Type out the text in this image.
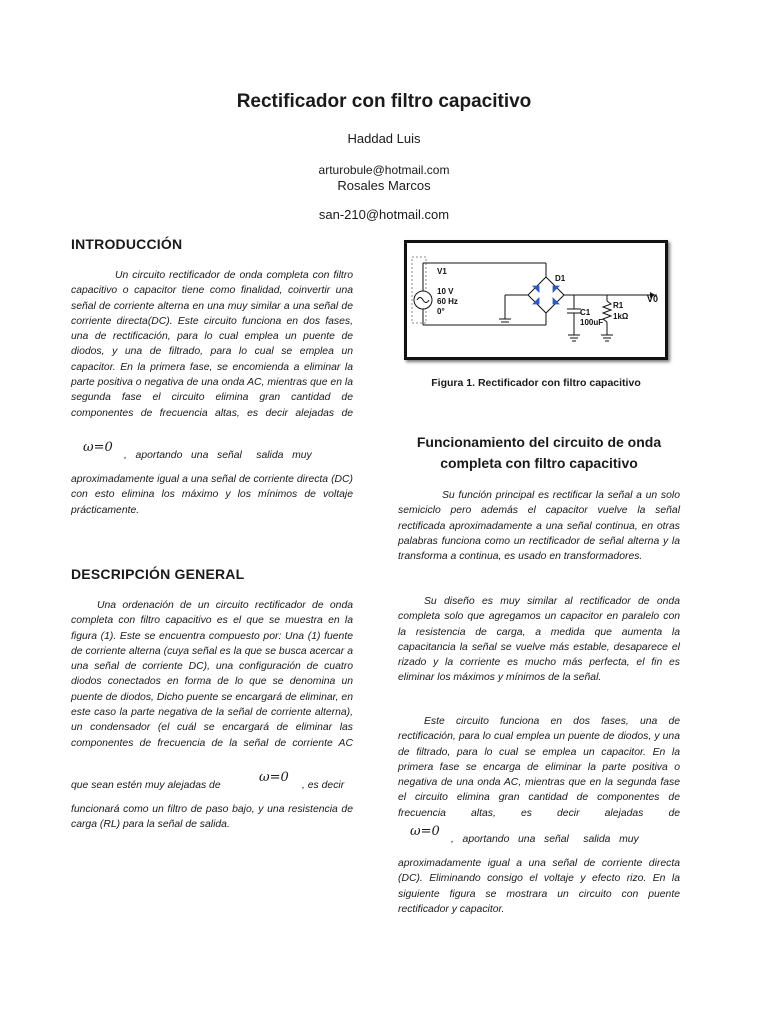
Rectificador con filtro capacitivo
Haddad Luis
arturobule@hotmail.com
Rosales Marcos
san-210@hotmail.com
INTRODUCCIÓN

Un circuito rectificador de onda completa con filtro capacitivo o capacitor tiene como finalidad, coinvertir una señal de corriente alterna en una muy similar a una señal de corriente directa(DC). Este circuito funciona en dos fases, una de rectificación, para lo cual emplea un puente de diodos, y una de filtrado, para lo cual se emplea un capacitor. En la primera fase, se encomienda a eliminar la parte positiva o negativa de una onda AC, mientras que en la segunda fase el circuito elimina gran cantidad de componentes de frecuencia altas, es decir alejadas de

ω=0
,   aportando   una   señal     salida   muy

aproximadamente igual a una señal de corriente directa (DC) con esto elimina los máximo y los mínimos de voltaje prácticamente.

DESCRIPCIÓN GENERAL

Una ordenación de un circuito rectificador de onda completa con filtro capacitivo es el que se muestra en la figura (1). Este se encuentra compuesto por: Una (1) fuente de corriente alterna (cuya señal es la que se busca acercar a una señal de corriente DC), una configuración de cuatro diodos conectados en forma de lo que se denomina un puente de diodos, Dicho puente se encargará de eliminar, en este caso la parte negativa de la señal de corriente alterna), un condensador (el cuál se encargará de eliminar las componentes de frecuencia de la señal de corriente AC

que sean estén muy alejadas de
ω=0
, es decir

funcionará como un filtro de paso bajo, y una resistencia de carga (RL) para la señal de salida.

V1
10 V
60 Hz
0°
D1
C1
100uF
R1
1kΩ
V0
Figura 1. Rectificador con filtro capacitivo
Funcionamiento del circuito de onda
completa con filtro capacitivo

Su función principal es rectificar la señal a un solo semiciclo pero además el capacitor vuelve la señal rectificada aproximadamente a una señal continua, en otras palabras funciona como un rectificador de señal alterna y la transforma a continua, es usado en transformadores.

Su diseño es muy similar al rectificador de onda completa solo que agregamos un capacitor en paralelo con la resistencia de carga, a medida que aumenta la capacitancia la señal se vuelve más estable, desaparece el rizado y la corriente es mucho más perfecta, el fin es eliminar los máximos y mínimos de la señal.

Este circuito funciona en dos fases, una de rectificación, para lo cual emplea un puente de diodos, y una de filtrado, para lo cual se emplea un capacitor. En la primera fase se encarga de eliminar la parte positiva o negativa de una onda AC, mientras que en la segunda fase el circuito elimina gran cantidad de componentes de frecuencia altas, es decir alejadas de

ω=0
,   aportando   una   señal     salida   muy

aproximadamente igual a una señal de corriente directa (DC). Eliminando consigo el voltaje y efecto rizo. En la siguiente figura se mostrara un circuito con puente rectificador y capacitor.
